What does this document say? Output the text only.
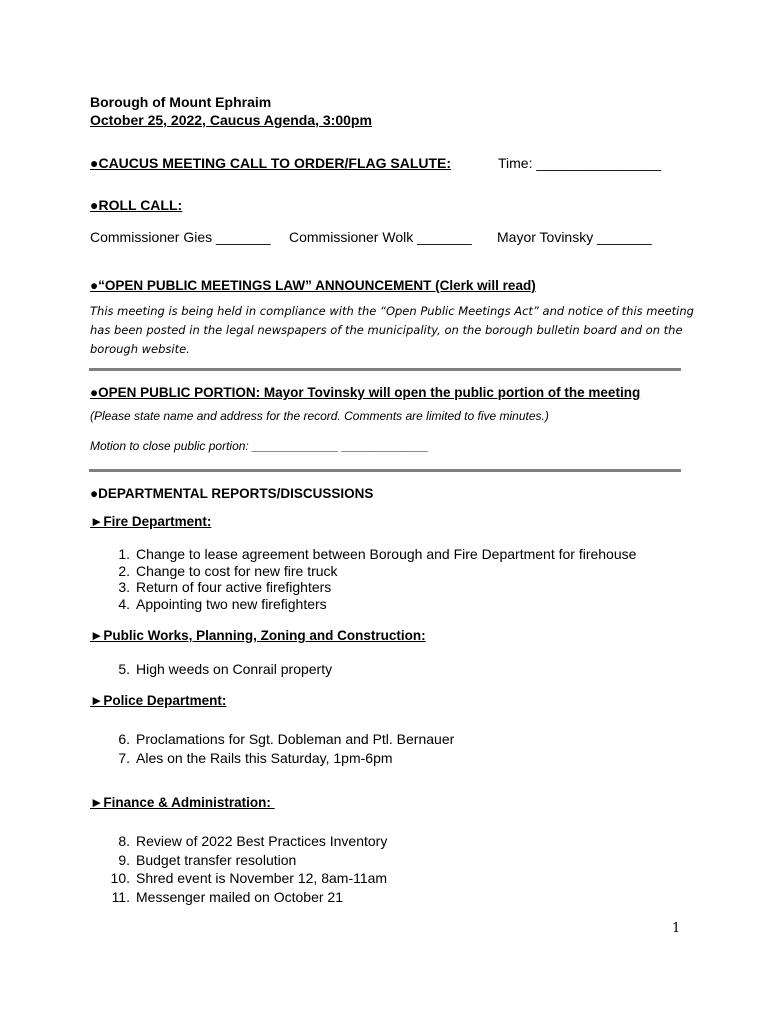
Borough of Mount Ephraim
October 25, 2022, Caucus Agenda, 3:00pm
●CAUCUS MEETING CALL TO ORDER/FLAG SALUTE:	Time: ________________
●ROLL CALL:
Commissioner Gies _______ Commissioner Wolk _______ Mayor Tovinsky _______
●“OPEN PUBLIC MEETINGS LAW” ANNOUNCEMENT (Clerk will read)
This meeting is being held in compliance with the “Open Public Meetings Act” and notice of this meeting
has been posted in the legal newspapers of the municipality, on the borough bulletin board and on the
borough website.
●OPEN PUBLIC PORTION: Mayor Tovinsky will open the public portion of the meeting
(Please state name and address for the record. Comments are limited to five minutes.)
Motion to close public portion: _____________ _____________
●DEPARTMENTAL REPORTS/DISCUSSIONS
►Fire Department:
1. Change to lease agreement between Borough and Fire Department for firehouse
2. Change to cost for new fire truck
3. Return of four active firefighters
4. Appointing two new firefighters
►Public Works, Planning, Zoning and Construction:
5. High weeds on Conrail property
►Police Department:
6. Proclamations for Sgt. Dobleman and Ptl. Bernauer
7. Ales on the Rails this Saturday, 1pm-6pm
►Finance & Administration:
8. Review of 2022 Best Practices Inventory
9. Budget transfer resolution
10. Shred event is November 12, 8am-11am
11. Messenger mailed on October 21
1
